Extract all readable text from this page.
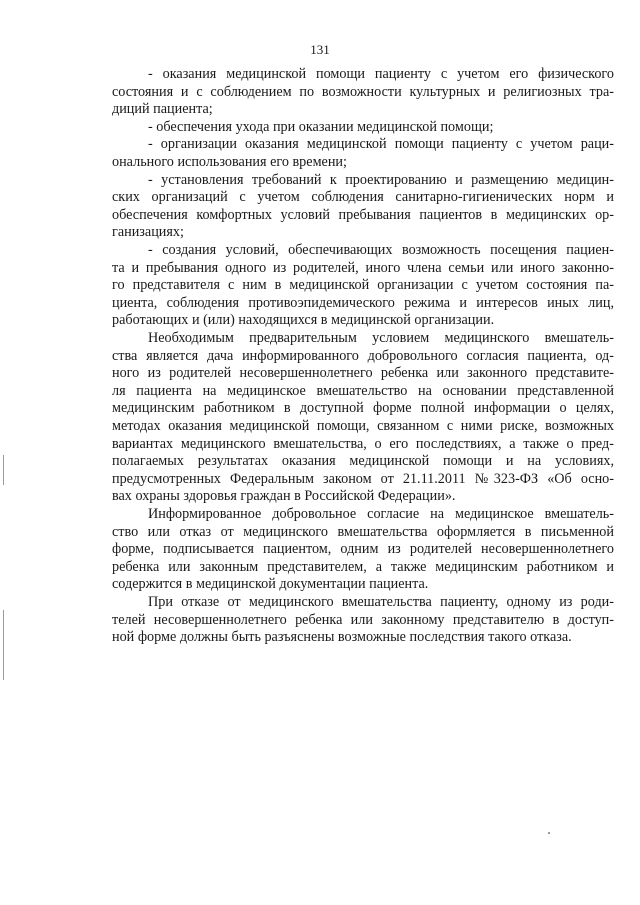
131
- оказания медицинской помощи пациенту с учетом его физического
состояния и с соблюдением по возможности культурных и религиозных тра-
диций пациента;
- обеспечения ухода при оказании медицинской помощи;
- организации оказания медицинской помощи пациенту с учетом раци-
онального использования его времени;
- установления требований к проектированию и размещению медицин-
ских организаций с учетом соблюдения санитарно-гигиенических норм и
обеспечения комфортных условий пребывания пациентов в медицинских ор-
ганизациях;
- создания условий, обеспечивающих возможность посещения пациен-
та и пребывания одного из родителей, иного члена семьи или иного законно-
го представителя с ним в медицинской организации с учетом состояния па-
циента, соблюдения противоэпидемического режима и интересов иных лиц,
работающих и (или) находящихся в медицинской организации.
Необходимым предварительным условием медицинского вмешатель-
ства является дача информированного добровольного согласия пациента, од-
ного из родителей несовершеннолетнего ребенка или законного представите-
ля пациента на медицинское вмешательство на основании представленной
медицинским работником в доступной форме полной информации о целях,
методах оказания медицинской помощи, связанном с ними риске, возможных
вариантах медицинского вмешательства, о его последствиях, а также о пред-
полагаемых результатах оказания медицинской помощи и на условиях,
предусмотренных Федеральным законом от 21.11.2011 №323-ФЗ «Об осно-
вах охраны здоровья граждан в Российской Федерации».
Информированное добровольное согласие на медицинское вмешатель-
ство или отказ от медицинского вмешательства оформляется в письменной
форме, подписывается пациентом, одним из родителей несовершеннолетнего
ребенка или законным представителем, а также медицинским работником и
содержится в медицинской документации пациента.
При отказе от медицинского вмешательства пациенту, одному из роди-
телей несовершеннолетнего ребенка или законному представителю в доступ-
ной форме должны быть разъяснены возможные последствия такого отказа.
